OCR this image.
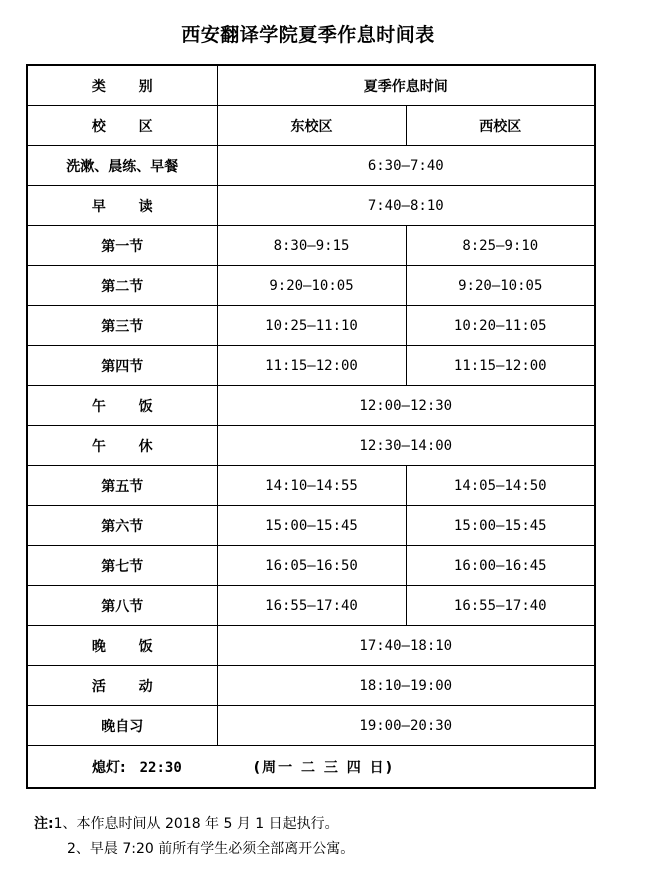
西安翻译学院夏季作息时间表
类 别	夏季作息时间	
校 区	东校区	西校区
洗漱、晨练、早餐	6:30—7:40	
早 读	7:40—8:10	
第一节	8:30—9:15	8:25—9:10
第二节	9:20—10:05	9:20—10:05
第三节	10:25—11:10	10:20—11:05
第四节	11:15—12:00	11:15—12:00
午 饭	12:00—12:30	
午 休	12:30—14:00	
第五节	14:10—14:55	14:05—14:50
第六节	15:00—15:45	15:00—15:45
第七节	16:05—16:50	16:00—16:45
第八节	16:55—17:40	16:55—17:40
晚 饭	17:40—18:10	
活 动	18:10—19:00	
晚自习	19:00—20:30	
熄灯: 22:30 (周一 二 三 四 日)		
注:1、本作息时间从 2018 年 5 月 1 日起执行。
2、早晨 7:20 前所有学生必须全部离开公寓。
